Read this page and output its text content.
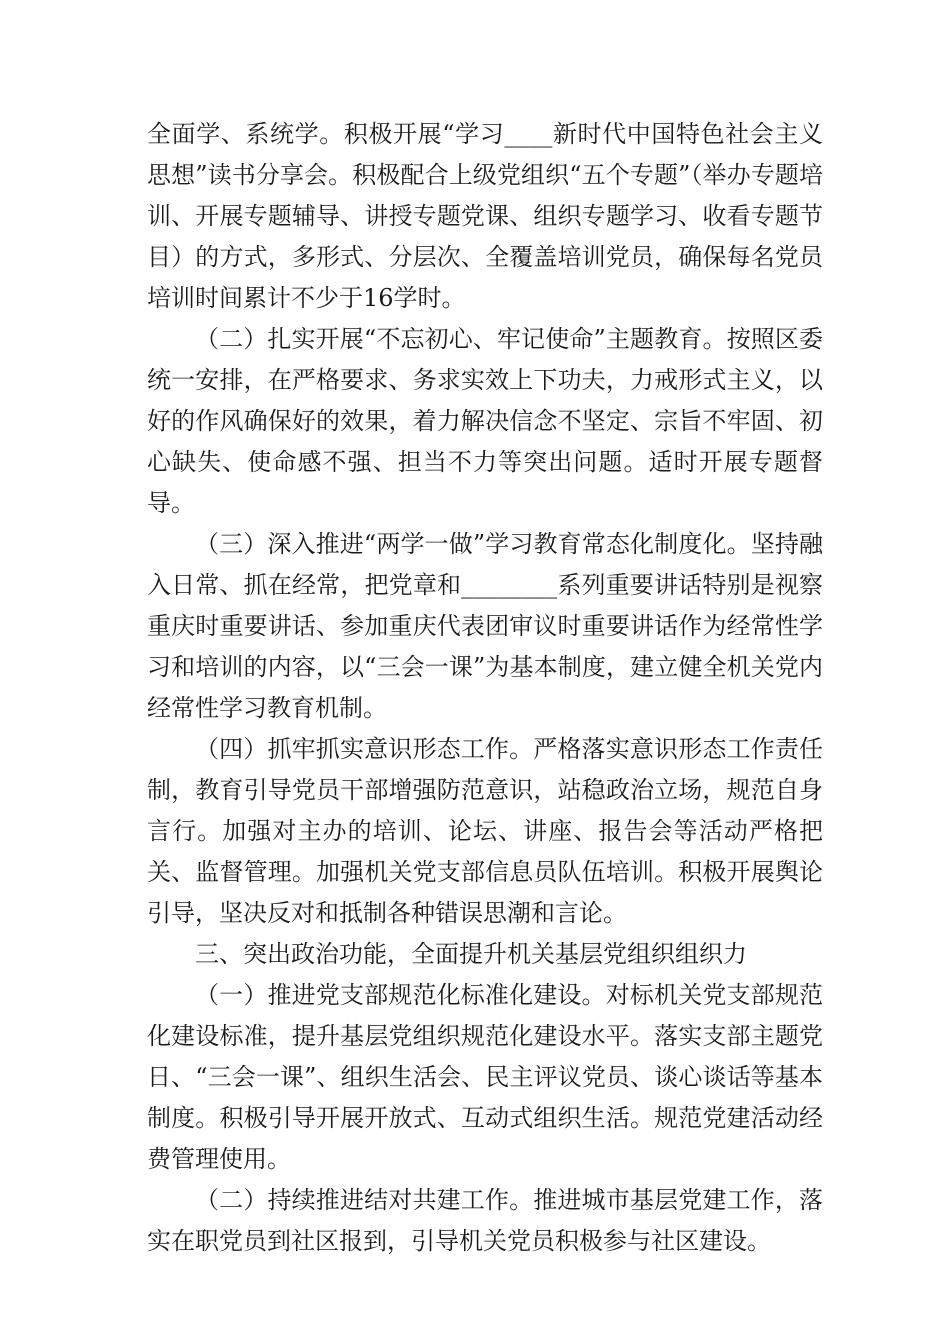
全面学、系统学。积极开展“学习____新时代中国特色社会主义思想”读书分享会。积极配合上级党组织“五个专题”（举办专题培训、开展专题辅导、讲授专题党课、组织专题学习、收看专题节目）的方式，多形式、分层次、全覆盖培训党员，确保每名党员培训时间累计不少于16学时。

（二）扎实开展“不忘初心、牢记使命”主题教育。按照区委统一安排，在严格要求、务求实效上下功夫，力戒形式主义，以好的作风确保好的效果，着力解决信念不坚定、宗旨不牢固、初心缺失、使命感不强、担当不力等突出问题。适时开展专题督导。

（三）深入推进“两学一做”学习教育常态化制度化。坚持融入日常、抓在经常，把党章和________系列重要讲话特别是视察重庆时重要讲话、参加重庆代表团审议时重要讲话作为经常性学习和培训的内容，以“三会一课”为基本制度，建立健全机关党内经常性学习教育机制。

（四）抓牢抓实意识形态工作。严格落实意识形态工作责任制，教育引导党员干部增强防范意识，站稳政治立场，规范自身言行。加强对主办的培训、论坛、讲座、报告会等活动严格把关、监督管理。加强机关党支部信息员队伍培训。积极开展舆论引导，坚决反对和抵制各种错误思潮和言论。

三、突出政治功能，全面提升机关基层党组织组织力

（一）推进党支部规范化标准化建设。对标机关党支部规范化建设标准，提升基层党组织规范化建设水平。落实支部主题党日、“三会一课”、组织生活会、民主评议党员、谈心谈话等基本制度。积极引导开展开放式、互动式组织生活。规范党建活动经费管理使用。

（二）持续推进结对共建工作。推进城市基层党建工作，落实在职党员到社区报到，引导机关党员积极参与社区建设。
